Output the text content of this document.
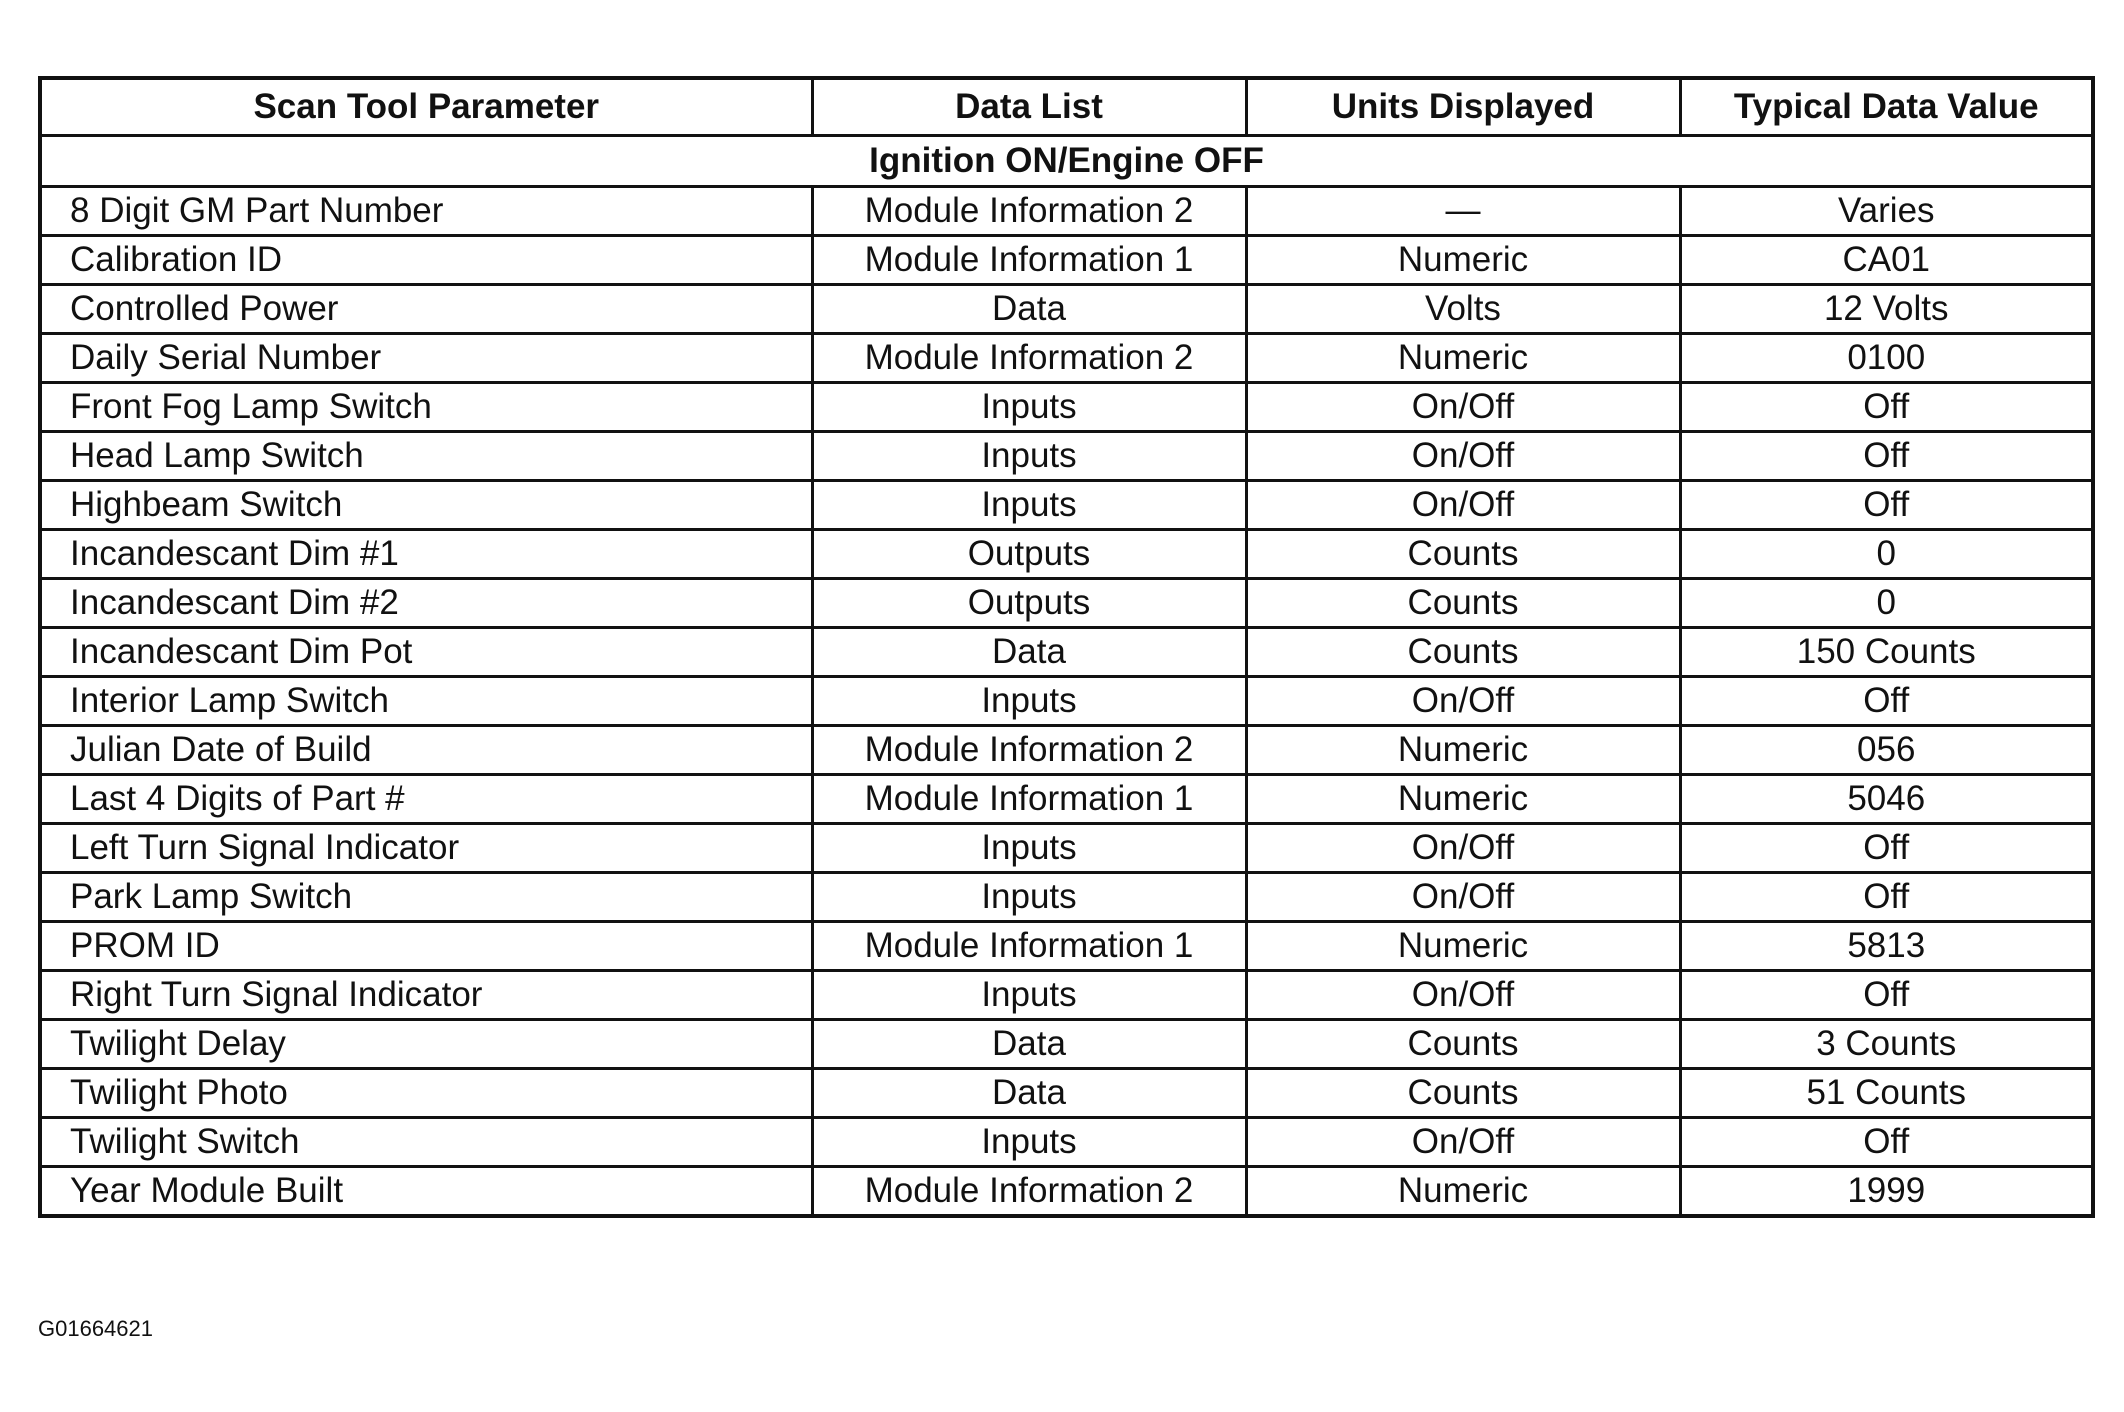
Scan Tool Parameter	Data List	Units Displayed	Typical Data Value
Ignition ON/Engine OFF			
8 Digit GM Part Number	Module Information 2	—	Varies
Calibration ID	Module Information 1	Numeric	CA01
Controlled Power	Data	Volts	12 Volts
Daily Serial Number	Module Information 2	Numeric	0100
Front Fog Lamp Switch	Inputs	On/Off	Off
Head Lamp Switch	Inputs	On/Off	Off
Highbeam Switch	Inputs	On/Off	Off
Incandescant Dim #1	Outputs	Counts	0
Incandescant Dim #2	Outputs	Counts	0
Incandescant Dim Pot	Data	Counts	150 Counts
Interior Lamp Switch	Inputs	On/Off	Off
Julian Date of Build	Module Information 2	Numeric	056
Last 4 Digits of Part #	Module Information 1	Numeric	5046
Left Turn Signal Indicator	Inputs	On/Off	Off
Park Lamp Switch	Inputs	On/Off	Off
PROM ID	Module Information 1	Numeric	5813
Right Turn Signal Indicator	Inputs	On/Off	Off
Twilight Delay	Data	Counts	3 Counts
Twilight Photo	Data	Counts	51 Counts
Twilight Switch	Inputs	On/Off	Off
Year Module Built	Module Information 2	Numeric	1999
G01664621
